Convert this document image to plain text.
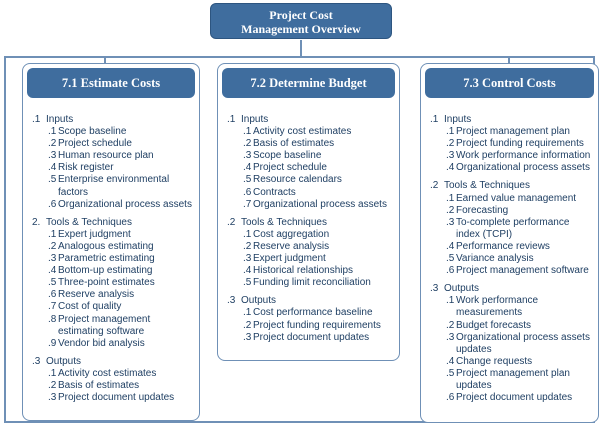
Project Cost
Management Overview
7.1 Estimate Costs
.1 Inputs
.1 Scope baseline
.2 Project schedule
.3 Human resource plan
.4 Risk register
.5 Enterprise environmental factors
.6 Organizational process assets
2. Tools & Techniques
.1 Expert judgment
.2 Analogous estimating
.3 Parametric estimating
.4 Bottom-up estimating
.5 Three-point estimates
.6 Reserve analysis
.7 Cost of quality
.8 Project management estimating software
.9 Vendor bid analysis
.3 Outputs
.1 Activity cost estimates
.2 Basis of estimates
.3 Project document updates
7.2 Determine Budget
.1 Inputs
.1 Activity cost estimates
.2 Basis of estimates
.3 Scope baseline
.4 Project schedule
.5 Resource calendars
.6 Contracts
.7 Organizational process assets
.2 Tools & Techniques
.1 Cost aggregation
.2 Reserve analysis
.3 Expert judgment
.4 Historical relationships
.5 Funding limit reconciliation
.3 Outputs
.1 Cost performance baseline
.2 Project funding requirements
.3 Project document updates
7.3 Control Costs
.1 Inputs
.1 Project management plan
.2 Project funding requirements
.3 Work performance information
.4 Organizational process assets
.2 Tools & Techniques
.1 Earned value management
.2 Forecasting
.3 To-complete performance index (TCPI)
.4 Performance reviews
.5 Variance analysis
.6 Project management software
.3 Outputs
.1 Work performance measurements
.2 Budget forecasts
.3 Organizational process assets updates
.4 Change requests
.5 Project management plan updates
.6 Project document updates
